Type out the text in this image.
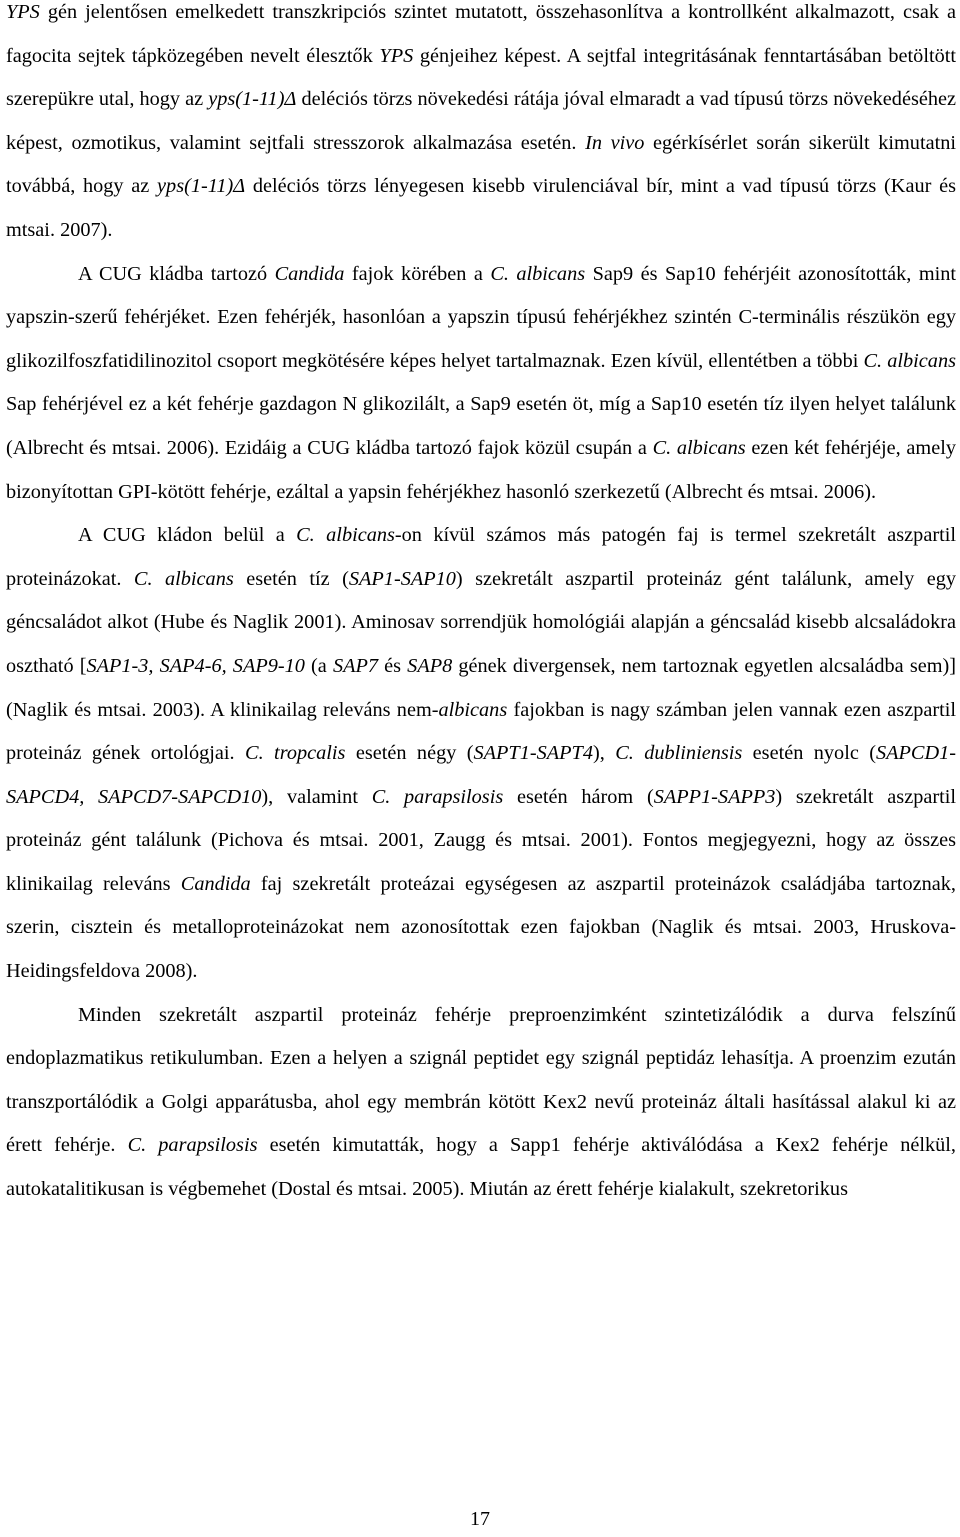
YPS gén jelentősen emelkedett transzkripciós szintet mutatott, összehasonlítva a kontrollként alkalmazott, csak a fagocita sejtek tápközegében nevelt élesztők YPS génjeihez képest. A sejtfal integritásának fenntartásában betöltött szerepükre utal, hogy az yps(1-11)Δ deléciós törzs növekedési rátája jóval elmaradt a vad típusú törzs növekedéséhez képest, ozmotikus, valamint sejtfali stresszorok alkalmazása esetén. In vivo egérkísérlet során sikerült kimutatni továbbá, hogy az yps(1-11)Δ deléciós törzs lényegesen kisebb virulenciával bír, mint a vad típusú törzs (Kaur és mtsai. 2007).

A CUG kládba tartozó Candida fajok körében a C. albicans Sap9 és Sap10 fehérjéit azonosították, mint yapszin-szerű fehérjéket. Ezen fehérjék, hasonlóan a yapszin típusú fehérjékhez szintén C-terminális részükön egy glikozilfoszfatidilinozitol csoport megkötésére képes helyet tartalmaznak. Ezen kívül, ellentétben a többi C. albicans Sap fehérjével ez a két fehérje gazdagon N glikozilált, a Sap9 esetén öt, míg a Sap10 esetén tíz ilyen helyet találunk (Albrecht és mtsai. 2006). Ezidáig a CUG kládba tartozó fajok közül csupán a C. albicans ezen két fehérjéje, amely bizonyítottan GPI-kötött fehérje, ezáltal a yapsin fehérjékhez hasonló szerkezetű (Albrecht és mtsai. 2006).

A CUG kládon belül a C. albicans-on kívül számos más patogén faj is termel szekretált aszpartil proteinázokat. C. albicans esetén tíz (SAP1-SAP10) szekretált aszpartil proteináz gént találunk, amely egy géncsaládot alkot (Hube és Naglik 2001). Aminosav sorrendjük homológiái alapján a géncsalád kisebb alcsaládokra osztható [SAP1-3, SAP4-6, SAP9-10 (a SAP7 és SAP8 gének divergensek, nem tartoznak egyetlen alcsaládba sem)] (Naglik és mtsai. 2003). A klinikailag releváns nem-albicans fajokban is nagy számban jelen vannak ezen aszpartil proteináz gének ortológjai. C. tropcalis esetén négy (SAPT1-SAPT4), C. dubliniensis esetén nyolc (SAPCD1-SAPCD4, SAPCD7-SAPCD10), valamint C. parapsilosis esetén három (SAPP1-SAPP3) szekretált aszpartil proteináz gént találunk (Pichova és mtsai. 2001, Zaugg és mtsai. 2001). Fontos megjegyezni, hogy az összes klinikailag releváns Candida faj szekretált proteázai egységesen az aszpartil proteinázok családjába tartoznak, szerin, cisztein és metalloproteinázokat nem azonosítottak ezen fajokban (Naglik és mtsai. 2003, Hruskova-Heidingsfeldova 2008).

Minden szekretált aszpartil proteináz fehérje preproenzimként szintetizálódik a durva felszínű endoplazmatikus retikulumban. Ezen a helyen a szignál peptidet egy szignál peptidáz lehasítja. A proenzim ezután transzportálódik a Golgi apparátusba, ahol egy membrán kötött Kex2 nevű proteináz általi hasítással alakul ki az érett fehérje. C. parapsilosis esetén kimutatták, hogy a Sapp1 fehérje aktiválódása a Kex2 fehérje nélkül, autokatalitikusan is végbemehet (Dostal és mtsai. 2005). Miután az érett fehérje kialakult, szekretorikus

17
